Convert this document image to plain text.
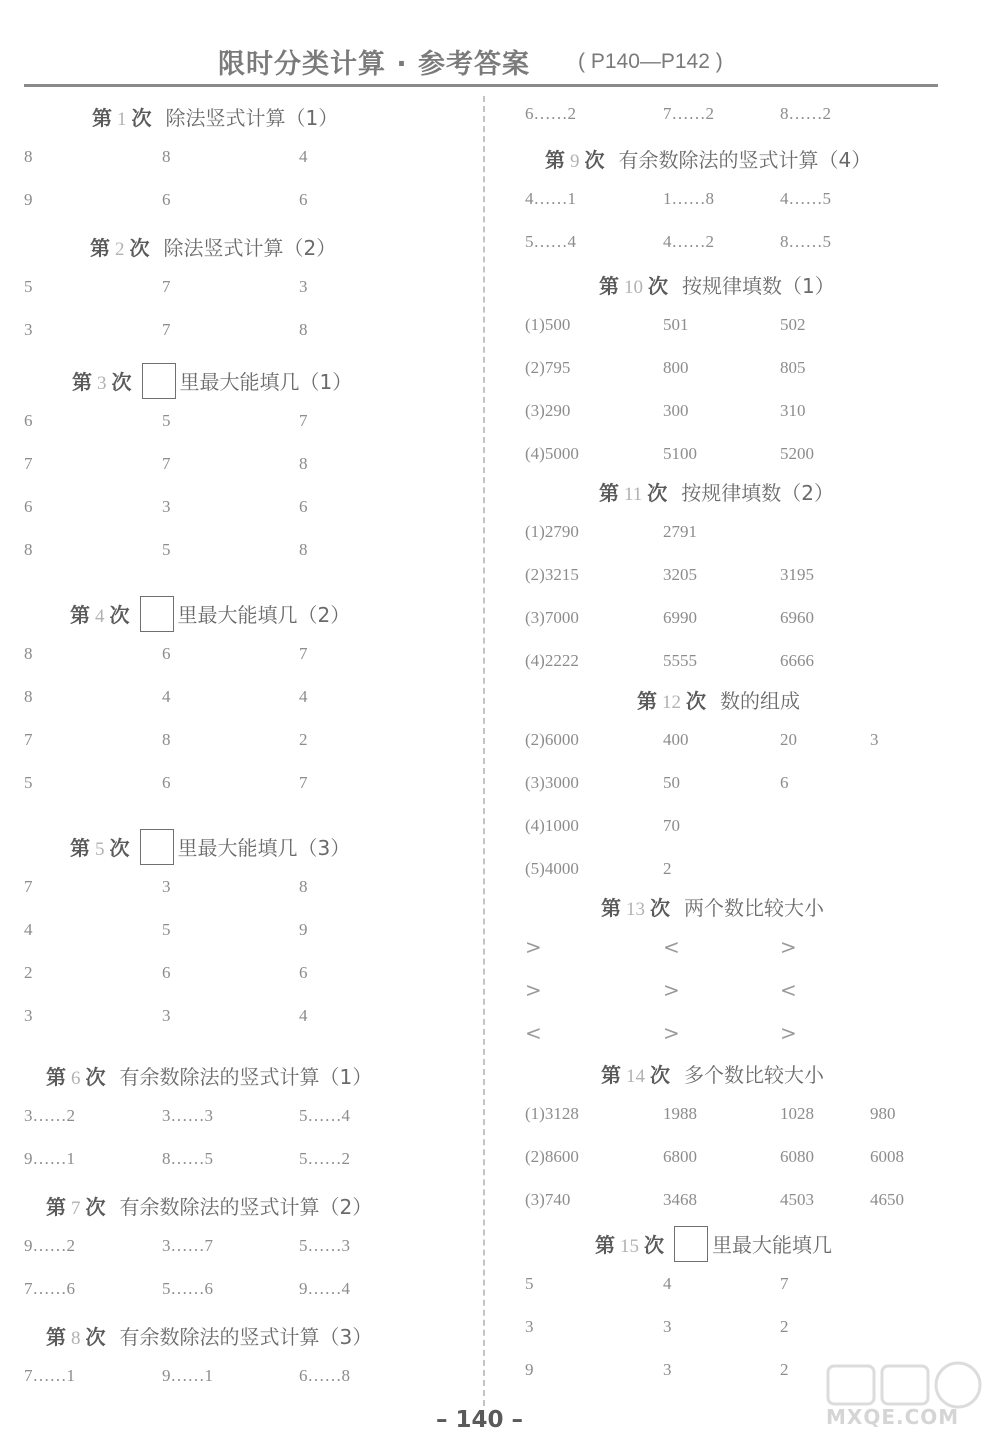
限时分类计算 · 参考答案 ( P140—P142 )
第 1 次 除法竖式计算（1）
8	8	4
9	6	6
第 2 次 除法竖式计算（2）
5	7	3
3	7	8
第 3 次 里最大能填几（1）
6	5	7
7	7	8
6	3	6
8	5	8
第 4 次 里最大能填几（2）
8	6	7
8	4	4
7	8	2
5	6	7
第 5 次 里最大能填几（3）
7	3	8
4	5	9
2	6	6
3	3	4
第 6 次 有余数除法的竖式计算（1）
3……2	3……3	5……4
9……1	8……5	5……2
第 7 次 有余数除法的竖式计算（2）
9……2	3……7	5……3
7……6	5……6	9……4
第 8 次 有余数除法的竖式计算（3）
7……1	9……1	6……8
6……2	7……2	8……2
第 9 次 有余数除法的竖式计算（4）
4……1	1……8	4……5
5……4	4……2	8……5
第 10 次 按规律填数（1）
(1)500	501	502
(2)795	800	805
(3)290	300	310
(4)5000	5100	5200
第 11 次 按规律填数（2）
(1)2790	2791
(2)3215	3205	3195
(3)7000	6990	6960
(4)2222	5555	6666
第 12 次 数的组成
(2)6000	400	20	3
(3)3000	50	6
(4)1000	70
(5)4000	2
第 13 次 两个数比较大小
>	<	>
>	>	<
<	>	>
第 14 次 多个数比较大小
(1)3128	1988	1028	980
(2)8600	6800	6080	6008
(3)740	3468	4503	4650
第 15 次 里最大能填几
5	4	7
3	3	2
9	3	2
– 140 –	MXQE.COM
